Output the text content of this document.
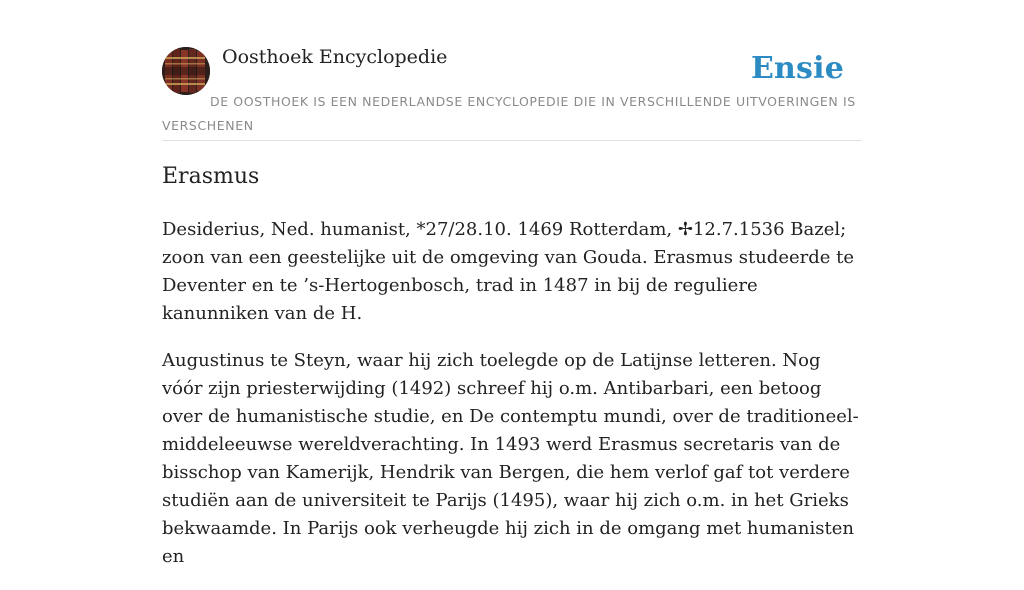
Oosthoek Encyclopedie	Ensie
DE OOSTHOEK IS EEN NEDERLANDSE ENCYCLOPEDIE DIE IN VERSCHILLENDE UITVOERINGEN IS VERSCHENEN
Erasmus

Desiderius, Ned. humanist, *27/28.10. 1469 Rotterdam, ✢12.7.1536 Bazel; zoon van een geestelijke uit de omgeving van Gouda. Erasmus studeerde te Deventer en te ’s-Hertogenbosch, trad in 1487 in bij de reguliere kanunniken van de H.

Augustinus te Steyn, waar hij zich toelegde op de Latijnse letteren. Nog vóór zijn priesterwijding (1492) schreef hij o.m. Antibarbari, een betoog over de humanistische studie, en De contemptu mundi, over de traditioneel-middeleeuwse wereldverachting. In 1493 werd Erasmus secretaris van de bisschop van Kamerijk, Hendrik van Bergen, die hem verlof gaf tot verdere studiën aan de universiteit te Parijs (1495), waar hij zich o.m. in het Grieks bekwaamde. In Parijs ook verheugde hij zich in de omgang met humanisten en
